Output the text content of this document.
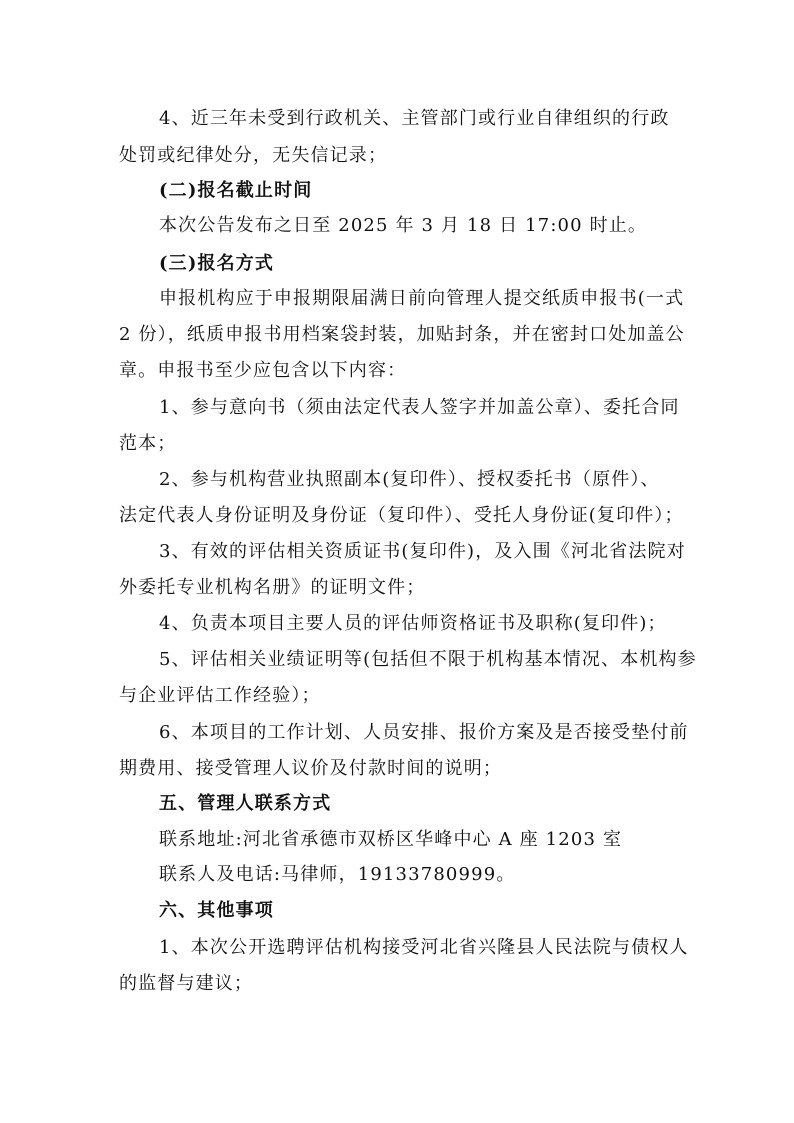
4、近三年未受到行政机关、主管部门或行业自律组织的行政
处罚或纪律处分，无失信记录；
(二)报名截止时间
本次公告发布之日至 2025 年 3 月 18 日 17:00 时止。
(三)报名方式
申报机构应于申报期限届满日前向管理人提交纸质申报书(一式
2 份），纸质申报书用档案袋封装，加贴封条，并在密封口处加盖公
章。申报书至少应包含以下内容：
1、参与意向书（须由法定代表人签字并加盖公章）、委托合同
范本；
2、参与机构营业执照副本(复印件）、授权委托书（原件）、
法定代表人身份证明及身份证（复印件）、受托人身份证(复印件）；
3、有效的评估相关资质证书(复印件)，及入围《河北省法院对
外委托专业机构名册》的证明文件；
4、负责本项目主要人员的评估师资格证书及职称(复印件)；
5、评估相关业绩证明等(包括但不限于机构基本情况、本机构参
与企业评估工作经验）；
6、本项目的工作计划、人员安排、报价方案及是否接受垫付前
期费用、接受管理人议价及付款时间的说明；
五、管理人联系方式
联系地址:河北省承德市双桥区华峰中心 A 座 1203 室
联系人及电话:马律师，19133780999。
六、其他事项
1、本次公开选聘评估机构接受河北省兴隆县人民法院与债权人
的监督与建议；
